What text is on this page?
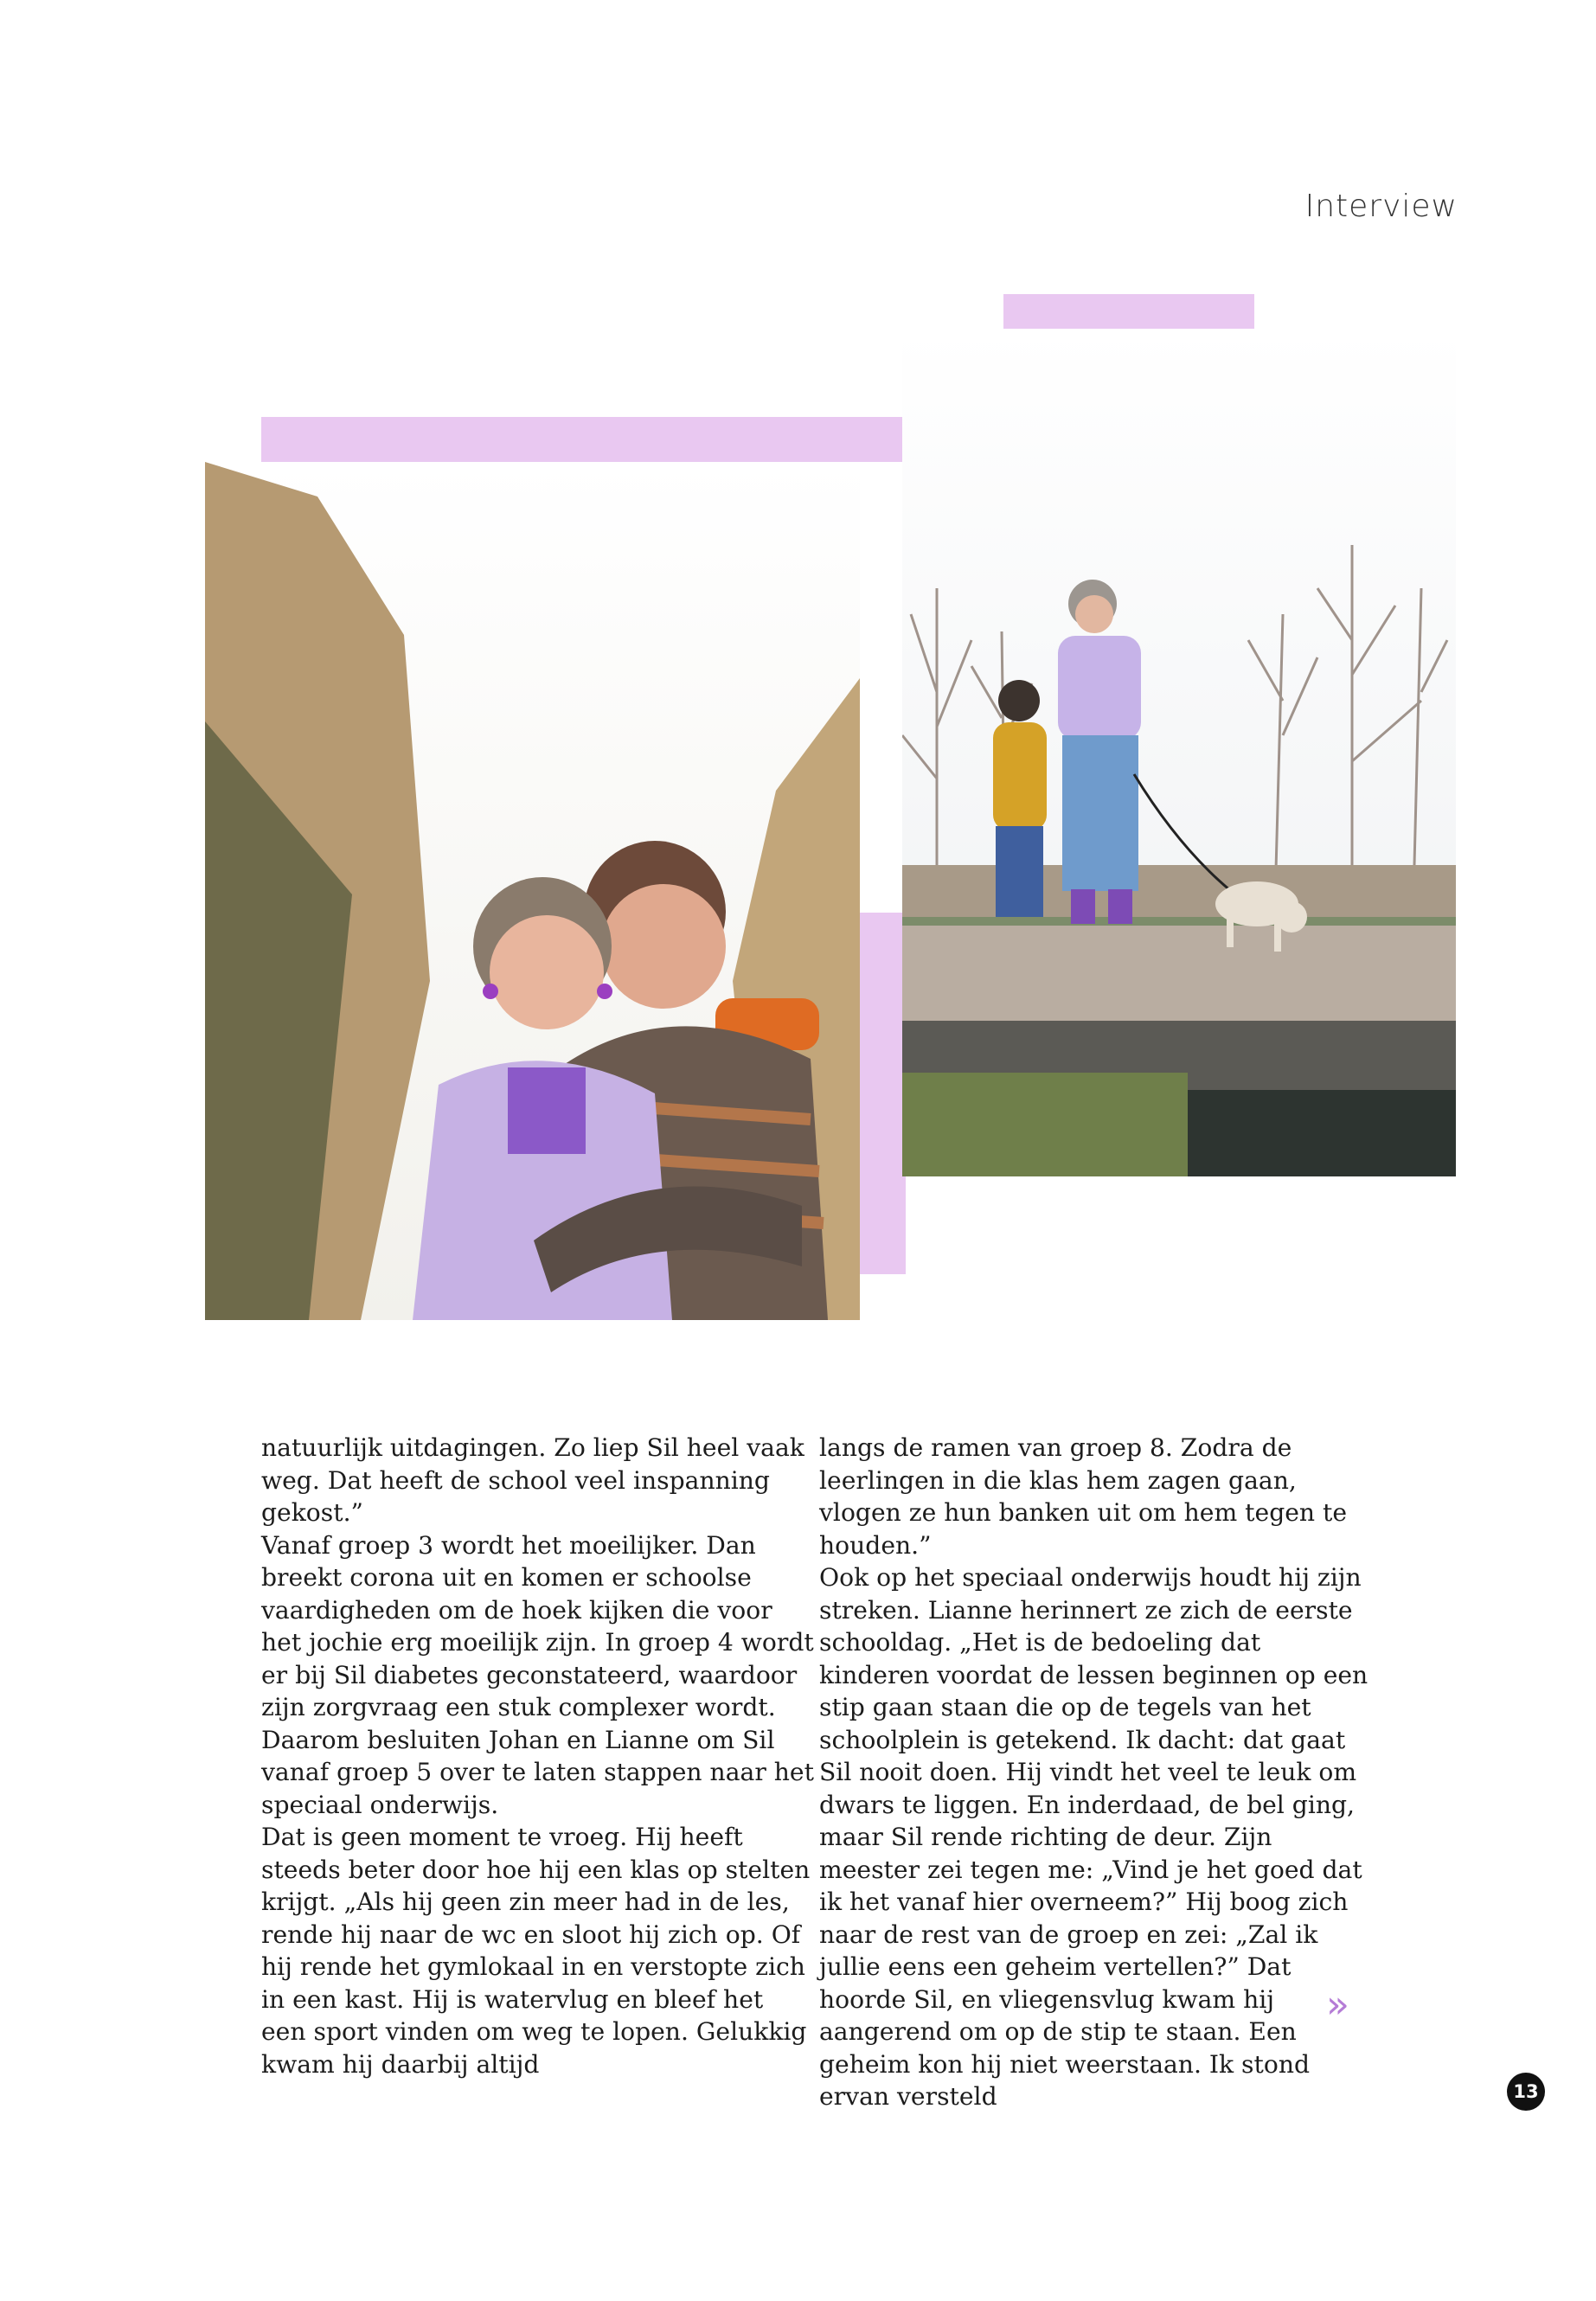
Interview

natuurlijk uitdagingen. Zo liep Sil heel vaak weg. Dat heeft de school veel inspanning gekost.”

Vanaf groep 3 wordt het moeilijker. Dan breekt corona uit en komen er schoolse vaardigheden om de hoek kijken die voor het jochie erg moeilijk zijn. In groep 4 wordt er bij Sil diabetes geconstateerd, waardoor zijn zorgvraag een stuk complexer wordt. Daarom besluiten Johan en Lianne om Sil vanaf groep 5 over te laten stappen naar het speciaal onderwijs.

Dat is geen moment te vroeg. Hij heeft steeds beter door hoe hij een klas op stelten krijgt. „Als hij geen zin meer had in de les, rende hij naar de wc en sloot hij zich op. Of hij rende het gymlokaal in en verstopte zich in een kast. Hij is watervlug en bleef het een sport vinden om weg te lopen. Gelukkig kwam hij daarbij altijd

langs de ramen van groep 8. Zodra de leerlingen in die klas hem zagen gaan, vlogen ze hun banken uit om hem tegen te houden.”

Ook op het speciaal onderwijs houdt hij zijn streken. Lianne herinnert ze zich de eerste schooldag. „Het is de bedoeling dat kinderen voordat de lessen beginnen op een stip gaan staan die op de tegels van het schoolplein is getekend. Ik dacht: dat gaat Sil nooit doen. Hij vindt het veel te leuk om dwars te liggen. En inderdaad, de bel ging, maar Sil rende richting de deur. Zijn meester zei tegen me: „Vind je het goed dat ik het vanaf hier overneem?” Hij boog zich naar de rest van de groep en zei: „Zal ik jullie eens een geheim vertellen?” Dat hoorde Sil, en vliegensvlug kwam hij aangerend om op de stip te staan. Een geheim kon hij niet weerstaan. Ik stond ervan versteld

»
13
